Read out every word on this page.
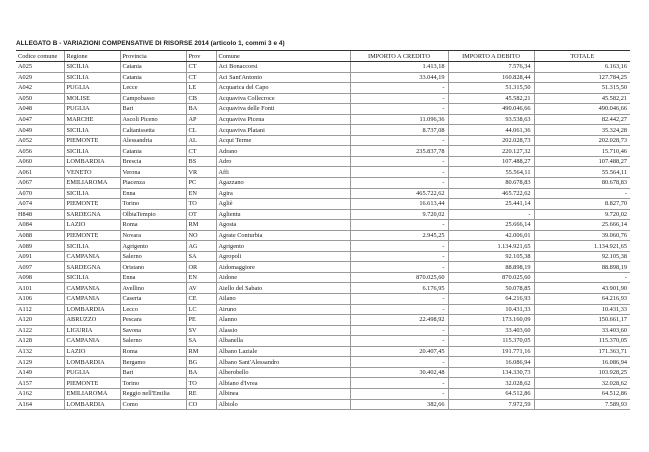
ALLEGATO B - VARIAZIONI COMPENSATIVE DI RISORSE 2014 (articolo 1, commi 3 e 4)
Codice comune	Regione	Provincia	Prov	Comune	IMPORTO A CREDITO	IMPORTO A DEBITO	TOTALE
A025	SICILIA	Catania	CT	Aci Bonaccorsi	1.413,18	7.576,34	6.163,16
A029	SICILIA	Catania	CT	Aci Sant'Antonio	33.044,19	160.828,44	127.784,25
A042	PUGLIA	Lecce	LE	Acquarica del Capo	-	51.315,50	51.315,50
A050	MOLISE	Campobasso	CB	Acquaviva Collecroce	-	45.582,21	45.582,21
A048	PUGLIA	Bari	BA	Acquaviva delle Fonti	-	490.046,66	490.046,66
A047	MARCHE	Ascoli Piceno	AP	Acquaviva Picena	11.096,36	93.538,63	82.442,27
A049	SICILIA	Caltanissetta	CL	Acquaviva Platani	8.737,08	44.061,36	35.324,28
A052	PIEMONTE	Alessandria	AL	Acqui Terme	-	202.028,73	202.028,73
A056	SICILIA	Catania	CT	Adrano	235.837,78	220.127,32	15.710,46
A060	LOMBARDIA	Brescia	BS	Adro	-	107.488,27	107.488,27
A061	VENETO	Verona	VR	Affi	-	55.564,11	55.564,11
A067	EMILIAROMA	Piacenza	PC	Agazzano	-	80.678,83	80.678,83
A070	SICILIA	Enna	EN	Agira	465.722,62	465.722,62	-
A074	PIEMONTE	Torino	TO	Agliè	16.613,44	25.441,14	8.827,70
H848	SARDEGNA	OlbiaTempio	OT	Aglientu	9.720,02	-	9.720,02
A084	LAZIO	Roma	RM	Agosta	-	25.666,14	25.666,14
A088	PIEMONTE	Novara	NO	Agrate Conturbia	2.945,25	42.006,01	39.060,76
A089	SICILIA	Agrigento	AG	Agrigento	-	1.134.921,65	1.134.921,65
A091	CAMPANIA	Salerno	SA	Agropoli	-	92.105,38	92.105,38
A097	SARDEGNA	Oristano	OR	Aidomaggiore	-	88.898,19	88.898,19
A098	SICILIA	Enna	EN	Aidone	870.025,60	870.025,60	-
A101	CAMPANIA	Avellino	AV	Aiello del Sabato	6.176,95	50.078,85	43.901,90
A106	CAMPANIA	Caserta	CE	Ailano	-	64.216,93	64.216,93
A112	LOMBARDIA	Lecco	LC	Airuno	-	10.431,33	10.431,33
A120	ABRUZZO	Pescara	PE	Alanno	22.498,92	173.160,09	150.661,17
A122	LIGURIA	Savona	SV	Alassio	-	33.403,60	33.403,60
A128	CAMPANIA	Salerno	SA	Albanella	-	115.370,05	115.370,05
A132	LAZIO	Roma	RM	Albano Laziale	20.407,45	191.771,16	171.363,71
A129	LOMBARDIA	Bergamo	BG	Albano Sant'Alessandro	-	16.086,94	16.086,94
A149	PUGLIA	Bari	BA	Alberobello	30.402,48	134.330,73	103.928,25
A157	PIEMONTE	Torino	TO	Albiano d'Ivrea	-	32.028,62	32.028,62
A162	EMILIAROMA	Reggio nell'Emilia	RE	Albinea	-	64.512,86	64.512,86
A164	LOMBARDIA	Como	CO	Albiolo	382,66	7.972,59	7.589,93
